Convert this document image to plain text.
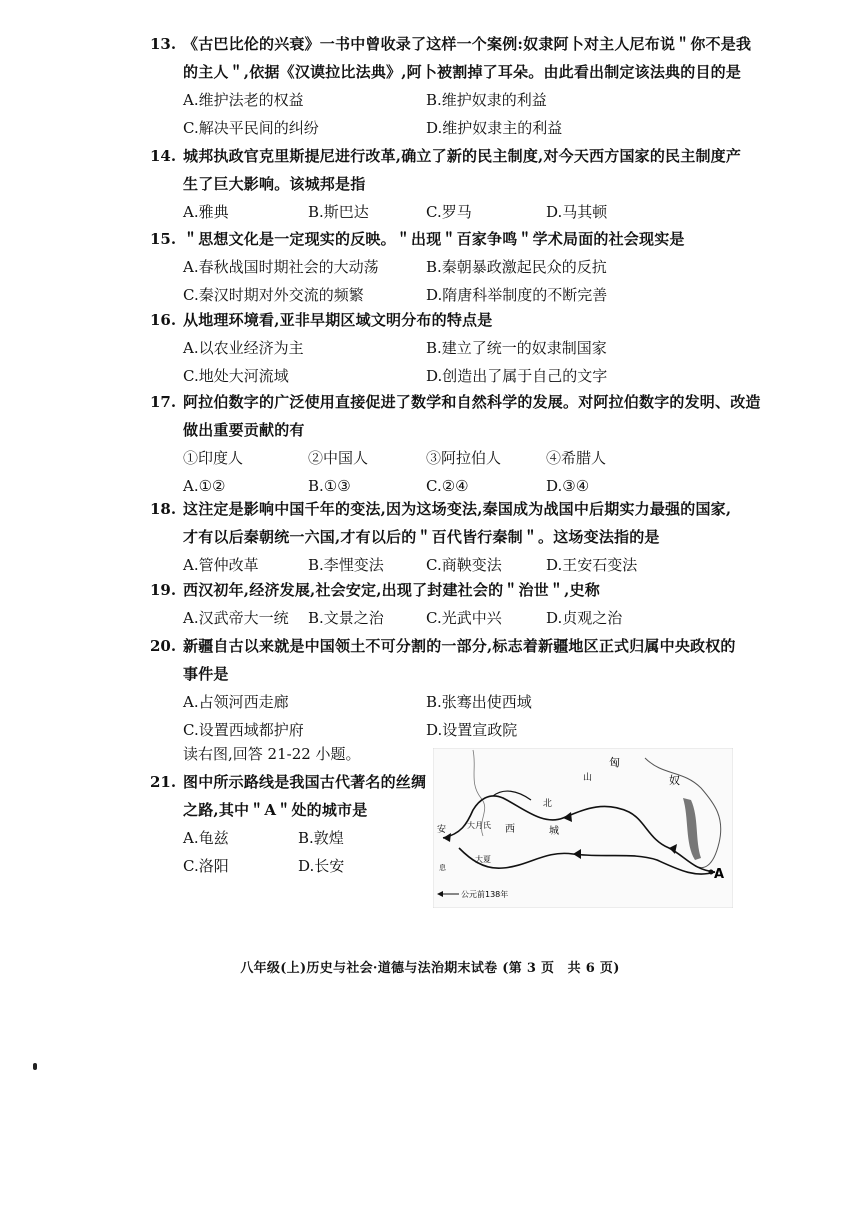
13. 《古巴比伦的兴衰》一书中曾收录了这样一个案例:奴隶阿卜对主人尼布说＂你不是我
的主人＂,依据《汉谟拉比法典》,阿卜被割掉了耳朵。由此看出制定该法典的目的是
A.维护法老的权益	B.维护奴隶的利益
C.解决平民间的纠纷	D.维护奴隶主的利益
14. 城邦执政官克里斯提尼进行改革,确立了新的民主制度,对今天西方国家的民主制度产
生了巨大影响。该城邦是指
A.雅典	B.斯巴达	C.罗马	D.马其顿
15. ＂思想文化是一定现实的反映。＂出现＂百家争鸣＂学术局面的社会现实是
A.春秋战国时期社会的大动荡	B.秦朝暴政激起民众的反抗
C.秦汉时期对外交流的频繁	D.隋唐科举制度的不断完善
16. 从地理环境看,亚非早期区域文明分布的特点是
A.以农业经济为主	B.建立了统一的奴隶制国家
C.地处大河流域	D.创造出了属于自己的文字
17. 阿拉伯数字的广泛使用直接促进了数学和自然科学的发展。对阿拉伯数字的发明、改造
做出重要贡献的有
①印度人	②中国人	③阿拉伯人	④希腊人
A.①②	B.①③	C.②④	D.③④
18. 这注定是影响中国千年的变法,因为这场变法,秦国成为战国中后期实力最强的国家,
才有以后秦朝统一六国,才有以后的＂百代皆行秦制＂。这场变法指的是
A.管仲改革	B.李悝变法	C.商鞅变法	D.王安石变法
19. 西汉初年,经济发展,社会安定,出现了封建社会的＂治世＂,史称
A.汉武帝大一统 B.文景之治	C.光武中兴	D.贞观之治
20. 新疆自古以来就是中国领土不可分割的一部分,标志着新疆地区正式归属中央政权的
事件是
A.占领河西走廊	B.张骞出使西域
C.设置西域都护府	D.设置宣政院
读右图,回答 21-22 小题。
21. 图中所示路线是我国古代著名的丝绸
之路,其中＂A＂处的城市是
A.龟兹	B.敦煌
C.洛阳	D.长安
匈
奴
北
山
大月氏 西	城
安
大夏
息	A
公元前138年
八年级(上)历史与社会·道德与法治期末试卷 (第 3 页　共 6 页)
